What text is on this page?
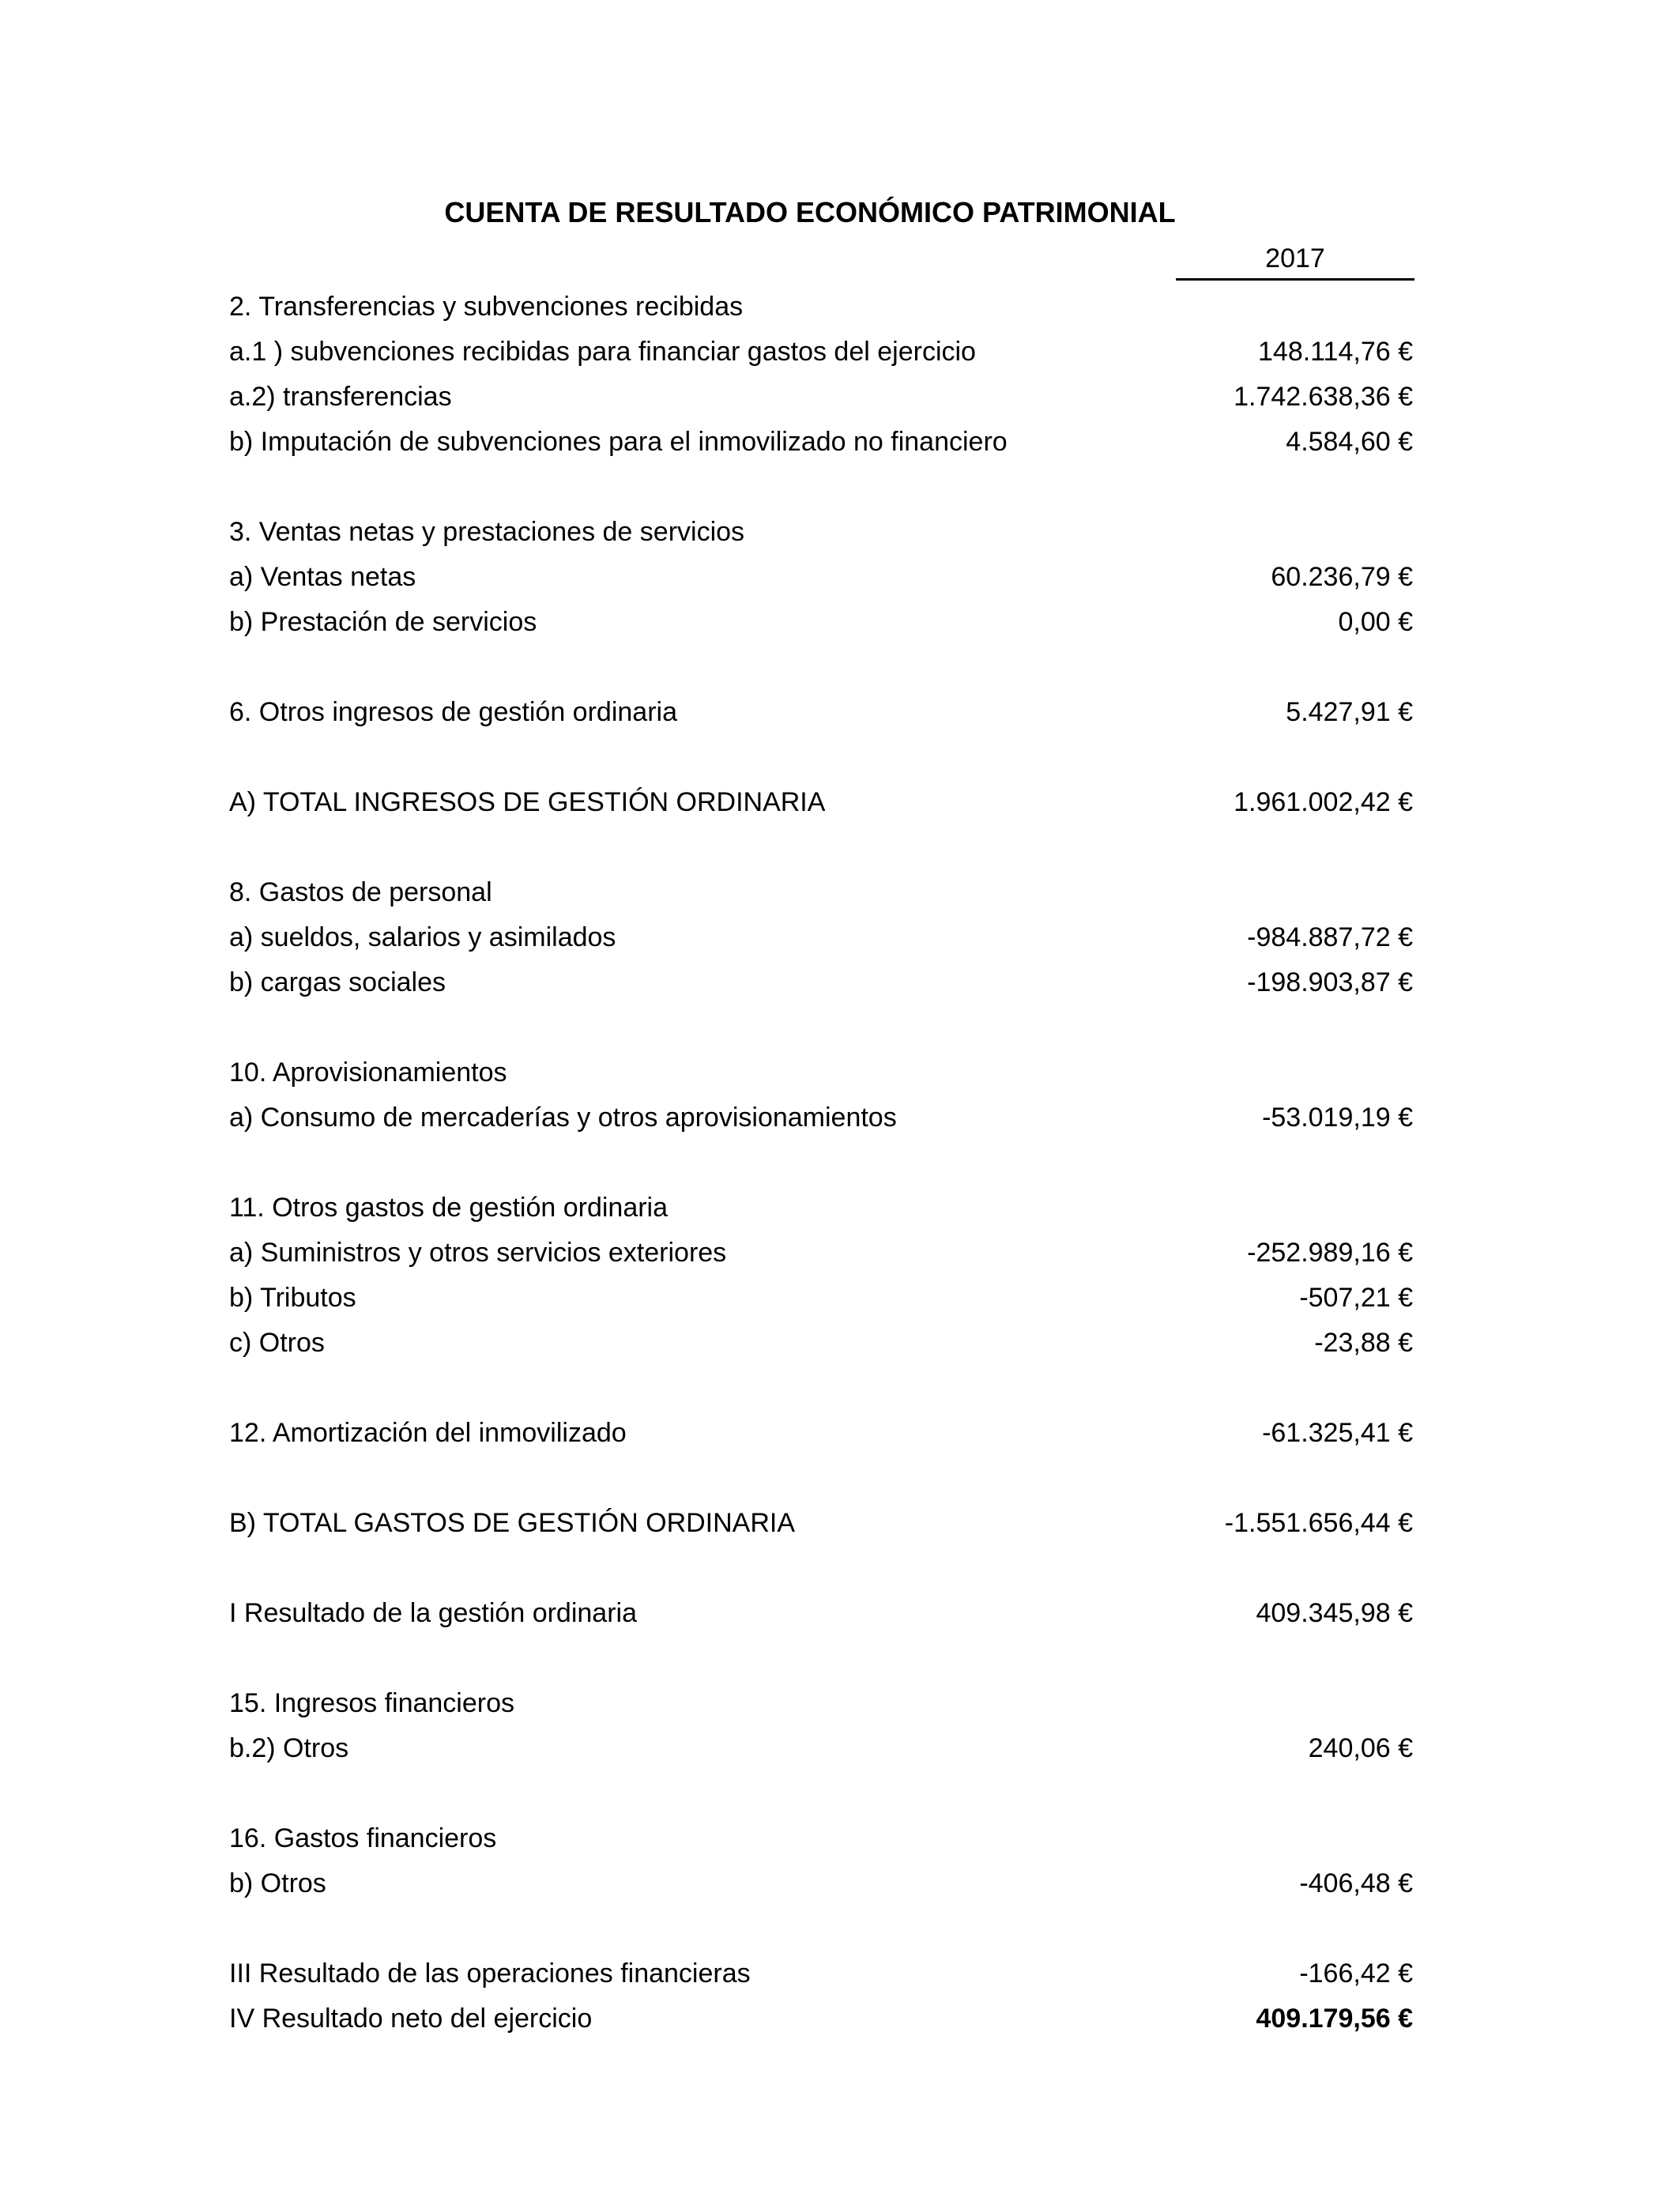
CUENTA DE RESULTADO ECONÓMICO PATRIMONIAL
2017
2. Transferencias y subvenciones recibidas
a.1 ) subvenciones recibidas para financiar gastos del ejercicio	148.114,76 €
a.2) transferencias	1.742.638,36 €
b) Imputación de subvenciones para el inmovilizado no financiero	4.584,60 €
3. Ventas netas y prestaciones de servicios
a) Ventas netas	60.236,79 €
b) Prestación de servicios	0,00 €
6. Otros ingresos de gestión ordinaria	5.427,91 €
A) TOTAL INGRESOS DE GESTIÓN ORDINARIA	1.961.002,42 €
8. Gastos de personal
a) sueldos, salarios y asimilados	-984.887,72 €
b) cargas sociales	-198.903,87 €
10. Aprovisionamientos
a) Consumo de mercaderías y otros aprovisionamientos	-53.019,19 €
11. Otros gastos de gestión ordinaria
a) Suministros y otros servicios exteriores	-252.989,16 €
b) Tributos	-507,21 €
c) Otros	-23,88 €
12. Amortización del inmovilizado	-61.325,41 €
B) TOTAL GASTOS DE GESTIÓN ORDINARIA	-1.551.656,44 €
I Resultado de la gestión ordinaria	409.345,98 €
15. Ingresos financieros
b.2) Otros	240,06 €
16. Gastos financieros
b) Otros	-406,48 €
III Resultado de las operaciones financieras	-166,42 €
IV Resultado neto del ejercicio	409.179,56 €
